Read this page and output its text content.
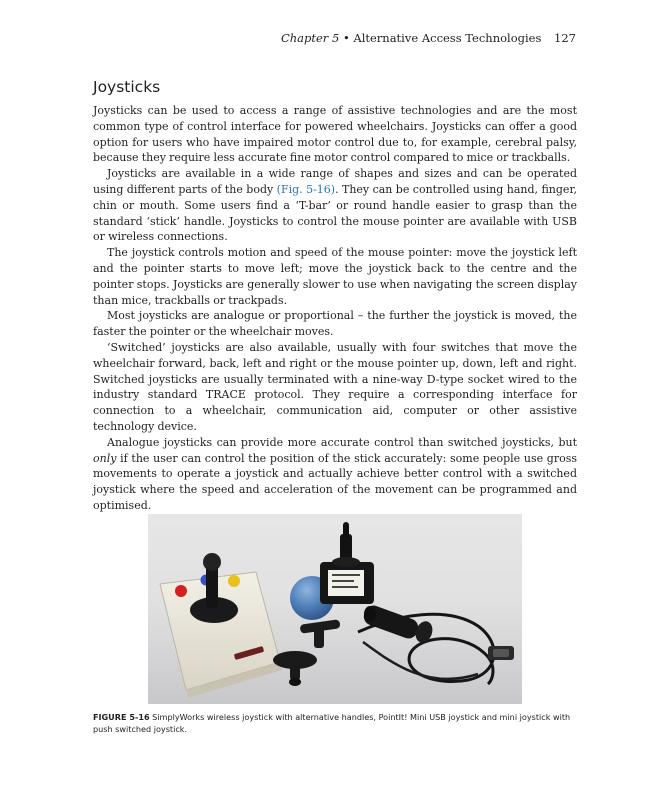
Chapter 5 • Alternative Access Technologies 127
Joysticks

Joysticks can be used to access a range of assistive technologies and are the most common type of control interface for powered wheelchairs. Joysticks can offer a good option for users who have impaired motor control due to, for example, cerebral palsy, because they require less accurate fine motor control compared to mice or trackballs.

Joysticks are available in a wide range of shapes and sizes and can be operated using different parts of the body (Fig. 5-16). They can be controlled using hand, finger, chin or mouth. Some users find a ‘T-bar’ or round handle easier to grasp than the standard ‘stick’ handle. Joysticks to control the mouse pointer are available with USB or wireless connections.

The joystick controls motion and speed of the mouse pointer: move the joystick left and the pointer starts to move left; move the joystick back to the centre and the pointer stops. Joysticks are generally slower to use when navigating the screen display than mice, trackballs or trackpads.

Most joysticks are analogue or proportional – the further the joystick is moved, the faster the pointer or the wheelchair moves.

‘Switched’ joysticks are also available, usually with four switches that move the wheelchair forward, back, left and right or the mouse pointer up, down, left and right. Switched joysticks are usually terminated with a nine-way D-type socket wired to the industry standard TRACE protocol. They require a corresponding interface for connection to a wheelchair, communication aid, computer or other assistive technology device.

Analogue joysticks can provide more accurate control than switched joysticks, but only if the user can control the position of the stick accurately: some people use gross movements to operate a joystick and actually achieve better control with a switched joystick where the speed and acceleration of the movement can be programmed and optimised.

FIGURE 5-16 SimplyWorks wireless joystick with alternative handles, PointIt! Mini USB joystick and mini joystick with push switched joystick.
